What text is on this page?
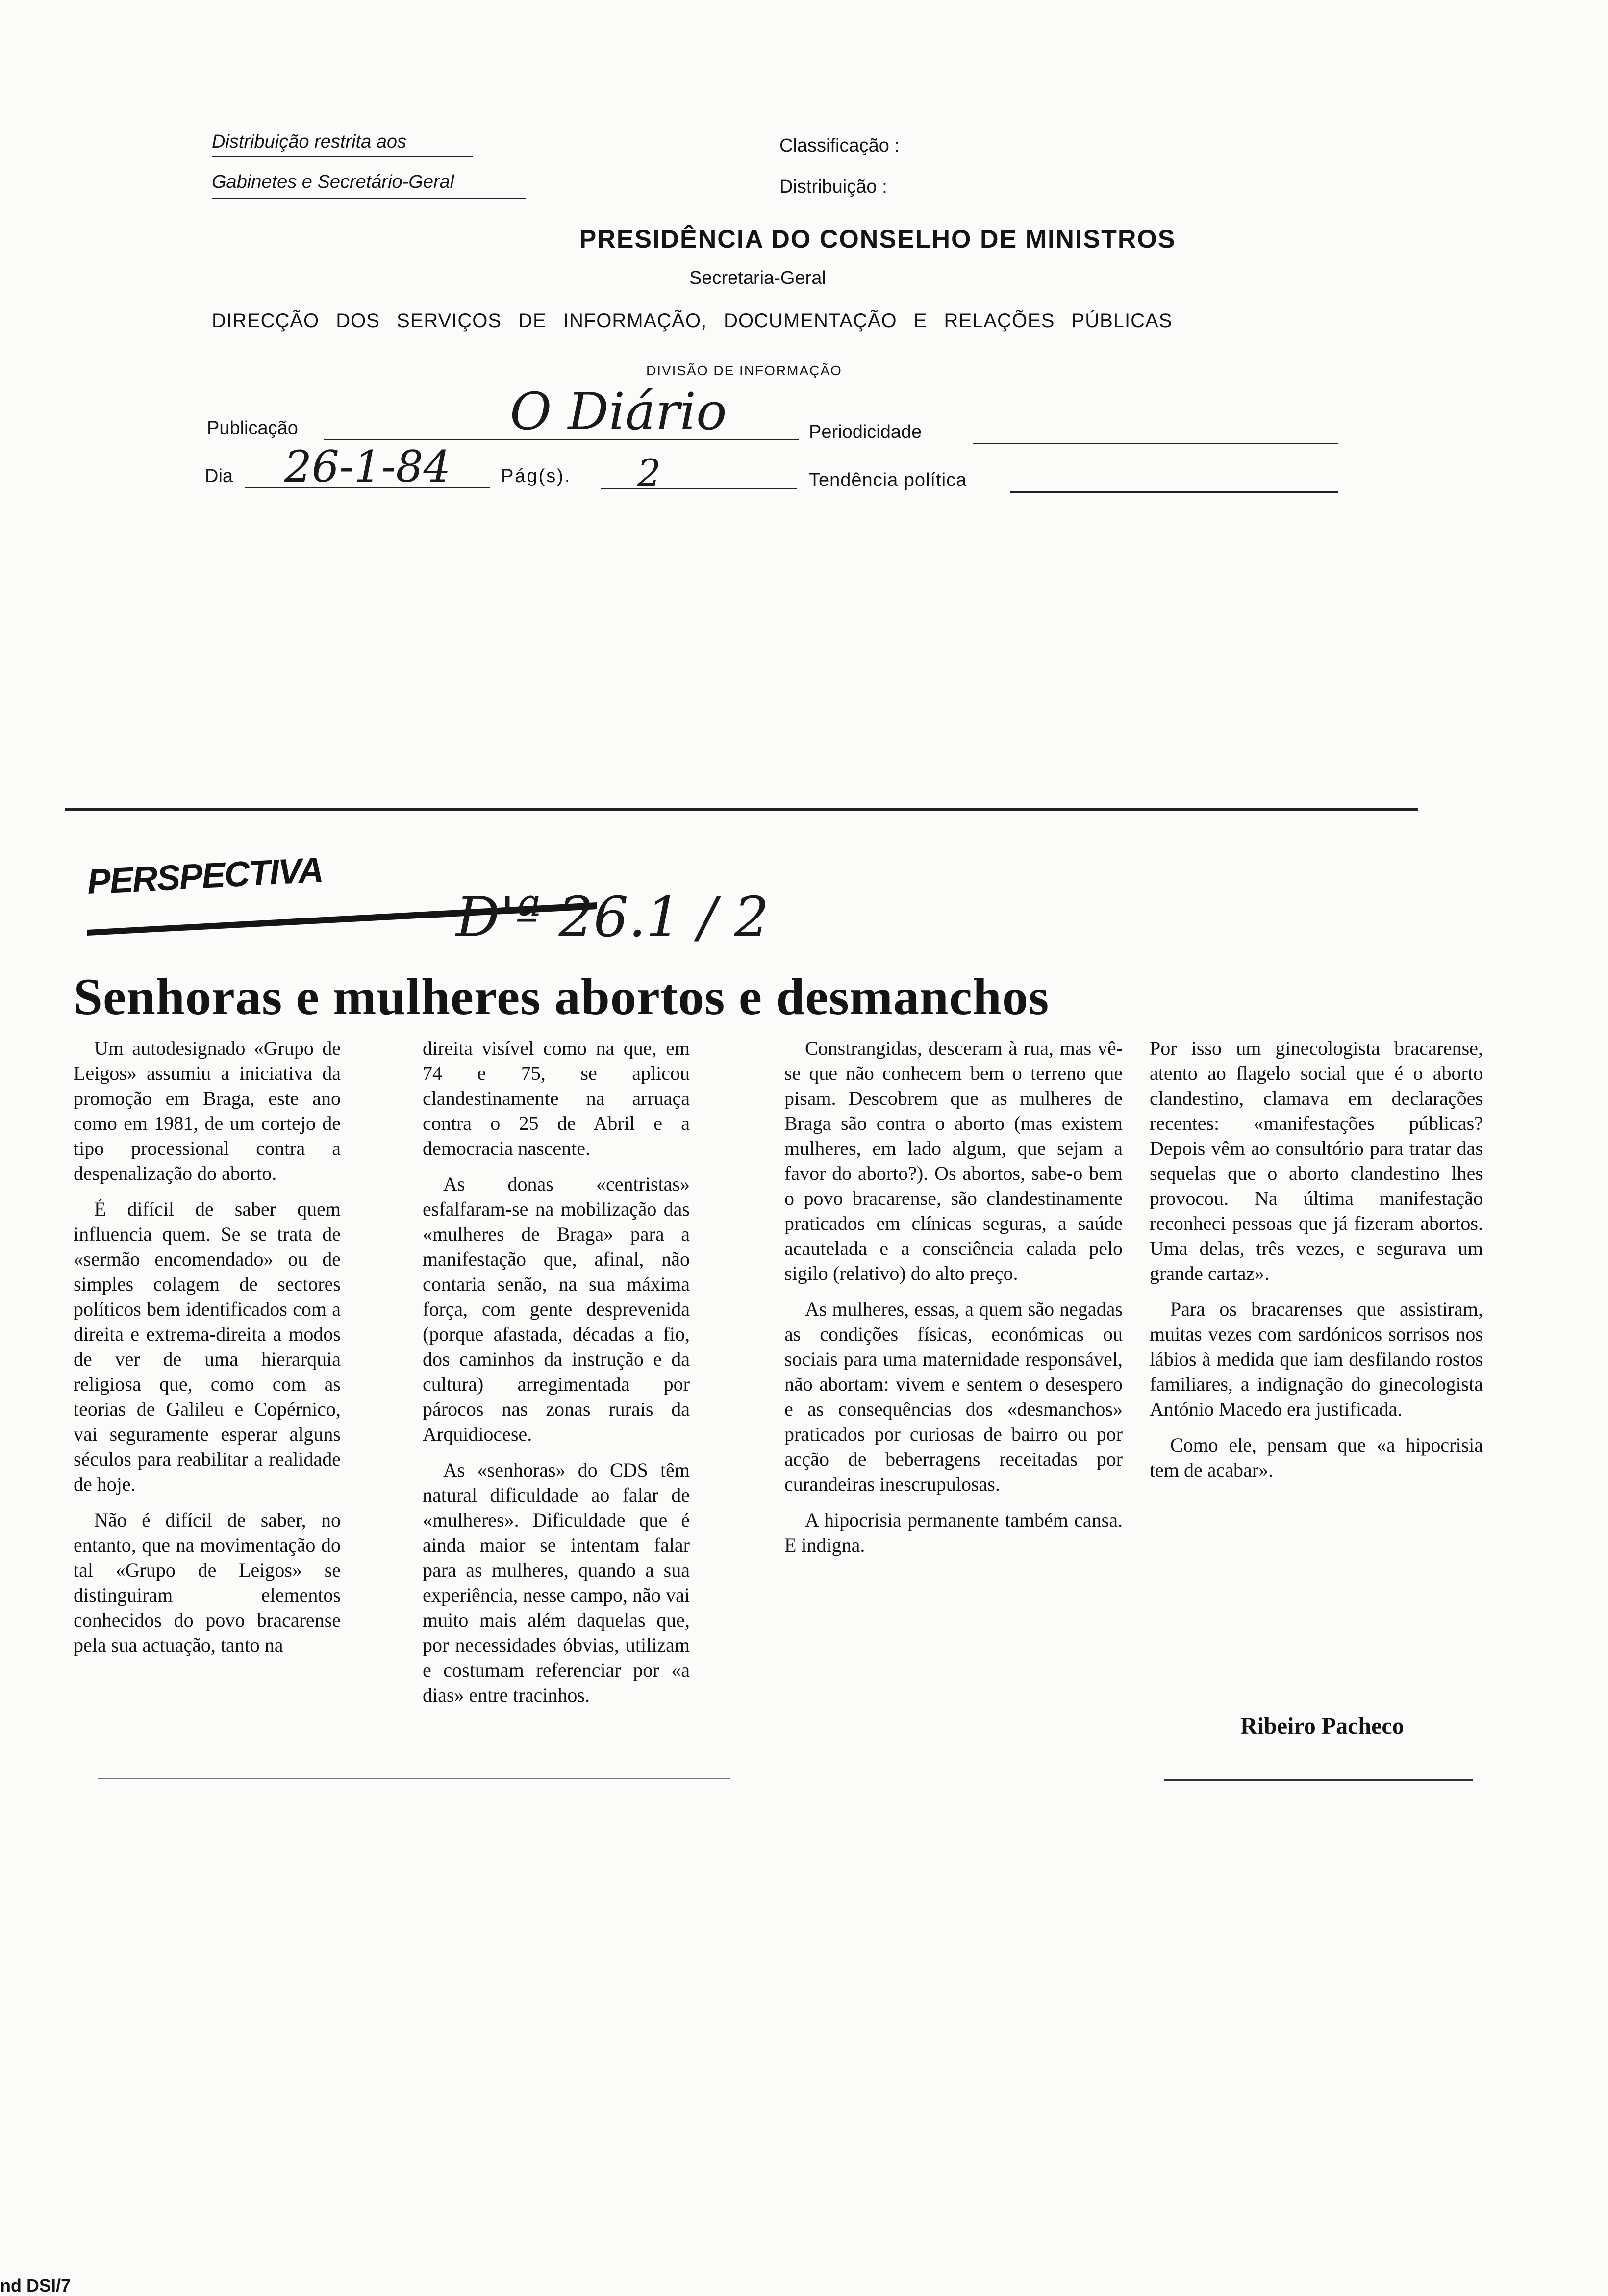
Distribuição restrita aos
Gabinetes e Secretário-Geral
Classificação :
Distribuição :
PRESIDÊNCIA DO CONSELHO DE MINISTROS
Secretaria-Geral
DIRECÇÃO DOS SERVIÇOS DE INFORMAÇÃO, DOCUMENTAÇÃO E RELAÇÕES PÚBLICAS
DIVISÃO DE INFORMAÇÃO
Publicação	O Diário	Periodicidade
Dia 26-1-84	Pág(s). 2	Tendência política
PERSPECTIVA
D'ª 26.1 / 2
Senhoras e mulheres abortos e desmanchos

Um autodesignado «Grupo de Leigos» assumiu a iniciativa da promoção em Braga, este ano como em 1981, de um cortejo de tipo processional contra a despenalização do aborto.

É difícil de saber quem influencia quem. Se se trata de «sermão encomendado» ou de simples colagem de sectores políticos bem identificados com a direita e extrema-direita a modos de ver de uma hierarquia religiosa que, como com as teorias de Galileu e Copérnico, vai seguramente esperar alguns séculos para reabilitar a realidade de hoje.

Não é difícil de saber, no entanto, que na movimentação do tal «Grupo de Leigos» se distinguiram elementos conhecidos do povo bracarense pela sua actuação, tanto na

direita visível como na que, em 74 e 75, se aplicou clandestinamente na arruaça contra o 25 de Abril e a democracia nascente.

As donas «centristas» esfalfaram-se na mobilização das «mulheres de Braga» para a manifestação que, afinal, não contaria senão, na sua máxima força, com gente desprevenida (porque afastada, décadas a fio, dos caminhos da instrução e da cultura) arregimentada por párocos nas zonas rurais da Arquidiocese.

As «senhoras» do CDS têm natural dificuldade ao falar de «mulheres». Dificuldade que é ainda maior se intentam falar para as mulheres, quando a sua experiência, nesse campo, não vai muito mais além daquelas que, por necessidades óbvias, utilizam e costumam referenciar por «a dias» entre tracinhos.

Constrangidas, desceram à rua, mas vê-se que não conhecem bem o terreno que pisam. Descobrem que as mulheres de Braga são contra o aborto (mas existem mulheres, em lado algum, que sejam a favor do aborto?). Os abortos, sabe-o bem o povo bracarense, são clandestinamente praticados em clínicas seguras, a saúde acautelada e a consciência calada pelo sigilo (relativo) do alto preço.

As mulheres, essas, a quem são negadas as condições físicas, económicas ou sociais para uma maternidade responsável, não abortam: vivem e sentem o desespero e as consequências dos «desmanchos» praticados por curiosas de bairro ou por acção de beberragens receitadas por curandeiras inescrupulosas.

A hipocrisia permanente também cansa. E indigna.

Por isso um ginecologista bracarense, atento ao flagelo social que é o aborto clandestino, clamava em declarações recentes: «manifestações públicas? Depois vêm ao consultório para tratar das sequelas que o aborto clandestino lhes provocou. Na última manifestação reconheci pessoas que já fizeram abortos. Uma delas, três vezes, e segurava um grande cartaz».

Para os bracarenses que assistiram, muitas vezes com sardónicos sorrisos nos lábios à medida que iam desfilando rostos familiares, a indignação do ginecologista António Macedo era justificada.

Como ele, pensam que «a hipocrisia tem de acabar».

Ribeiro Pacheco
nd DSI/7
